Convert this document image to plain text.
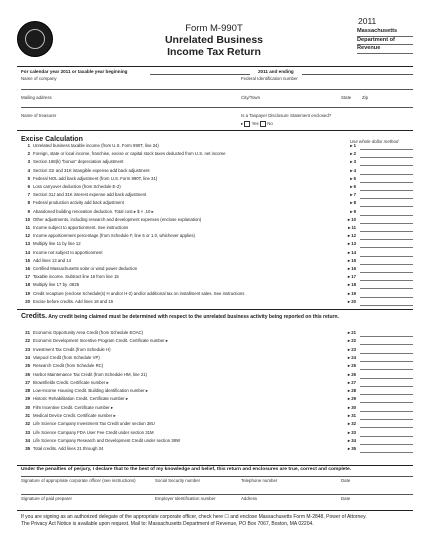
Form M-990T
Unrelated Business
Income Tax Return
2011
Massachusetts
Department of
Revenue
For calendar year 2011 or taxable year beginning	2011 and ending
Name of company	Federal Identification number
Mailing address	City/Town	State Zip
Name of treasurer	Is a Taxpayer Disclosure Statement enclosed?
▸  Yes No
Excise Calculation	Use whole dollar method
1 Unrelated business taxable income (from U.S. Form 990T, line 34)	▸ 1
2 Foreign, state or local income, franchise, excise or capital stock taxes deducted from U.S. net income	▸ 2
3 Section 168(k) "bonus" depreciation adjustment	▸ 3
4 Section 31I and 31K intangible expense add back adjustment	▸ 4
5 Federal NOL add back adjustment (from U.S. Form 990T, line 31)	▸ 5
6 Loss carryover deduction (from Schedule E-2)	▸ 6
7 Section 31J and 31K interest expense add back adjustment	▸ 7
8 Federal production activity add back adjustment	▸ 8
9 Abandoned building renovation deduction. Total cost ▸ $ × .10 ▸	▸ 9
10 Other adjustments, including research and development expenses (enclose explanation)	▸ 10
11 Income subject to apportionment. See instructions	▸ 11
12 Income apportionment percentage (from Schedule F, line 5 or 1.0, whichever applies)	▸ 12
13 Multiply line 11 by line 12	▸ 13
14 Income not subject to apportionment	▸ 14
15 Add lines 13 and 14	▸ 15
16 Certified Massachusetts solar or wind power deduction	▸ 16
17 Taxable income. Subtract line 16 from line 15	▸ 17
18 Multiply line 17 by .0825	▸ 18
19 Credit recapture (enclose Schedule(s) H and/or H-2) and/or additional tax on installment sales. See instructions	▸ 19
20 Excise before credits. Add lines 18 and 19	▸ 20
Credits. Any credit being claimed must be determined with respect to the unrelated business activity being reported on this return.
21 Economic Opportunity Area Credit (from Schedule EOAC)	▸ 21
22 Economic Development Incentive Program Credit. Certificate number ▸	▸ 22
23 Investment Tax Credit (from Schedule H)	▸ 23
24 Vanpool Credit (from Schedule VP)	▸ 24
25 Research Credit (from Schedule RC)	▸ 25
26 Harbor Maintenance Tax Credit (from Schedule HM, line 21)	▸ 26
27 Brownfields Credit. Certificate number ▸	▸ 27
28 Low-Income Housing Credit. Building identification number ▸	▸ 28
29 Historic Rehabilitation Credit. Certificate number ▸	▸ 29
30 Film Incentive Credit. Certificate number ▸	▸ 30
31 Medical Device Credit. Certificate number ▸	▸ 31
32 Life Science Company Investment Tax Credit under section 38U	▸ 32
33 Life Science Company FDA User Fee Credit under section 31M	▸ 33
34 Life Science Company Research and Development Credit under section 38W	▸ 34
35 Total credits. Add lines 21 through 34	▸ 35
Under the penalties of perjury, I declare that to the best of my knowledge and belief, this return and enclosures are true, correct and complete.
Signature of appropriate corporate officer (see instructions)	Social Security number	Telephone number	Date
Signature of paid preparer	Employer Identification number	Address	Date
If you are signing as an authorized delegate of the appropriate corporate officer, check here ☐ and enclose Massachusetts Form M-2848, Power of Attorney.
The Privacy Act Notice is available upon request. Mail to: Massachusetts Department of Revenue, PO Box 7067, Boston, MA 02204.
